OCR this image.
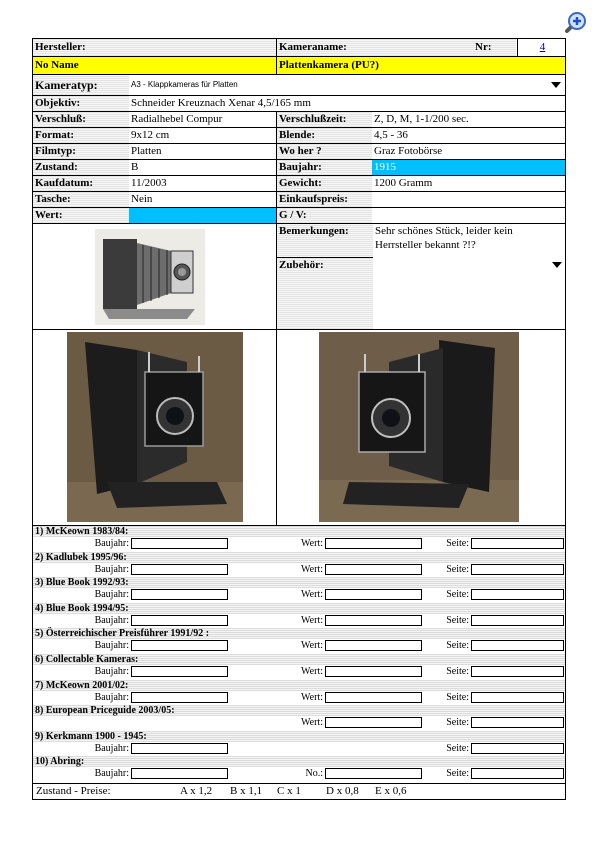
Hersteller:	Kameraname:	Nr:	4
No Name	Plattenkamera (PU?)
Kameratyp:	A3 - Klappkameras für Platten
Objektiv:	Schneider Kreuznach Xenar 4,5/165 mm
Verschluß:	Radialhebel Compur	Verschlußzeit:	Z, D, M, 1-1/200 sec.
Format:	9x12 cm	Blende:	4,5 - 36
Filmtyp:	Platten	Wo her ?	Graz Fotobörse
Zustand:	B	Baujahr:	1915
Kaufdatum:	11/2003	Gewicht:	1200 Gramm
Tasche:	Nein	Einkaufspreis:
Wert:	G / V:
Bemerkungen:	Sehr schönes Stück, leider kein
Herrsteller bekannt ?!?
Zubehör:
1) McKeown 1983/84:
Baujahr:	Wert:	Seite:
2) Kadlubek 1995/96:
Baujahr:	Wert:	Seite:
3) Blue Book 1992/93:
Baujahr:	Wert:	Seite:
4) Blue Book 1994/95:
Baujahr:	Wert:	Seite:
5) Österreichischer Preisführer 1991/92 :
Baujahr:	Wert:	Seite:
6) Collectable Kameras:
Baujahr:	Wert:	Seite:
7) McKeown 2001/02:
Baujahr:	Wert:	Seite:
8) European Priceguide 2003/05:
Wert:	Seite:
9) Kerkmann 1900 - 1945:
Baujahr:	Seite:
10) Abring:
Baujahr:	No.:	Seite:
Zustand - Preise:	A x 1,2 B x 1,1 C x 1 D x 0,8 E x 0,6
